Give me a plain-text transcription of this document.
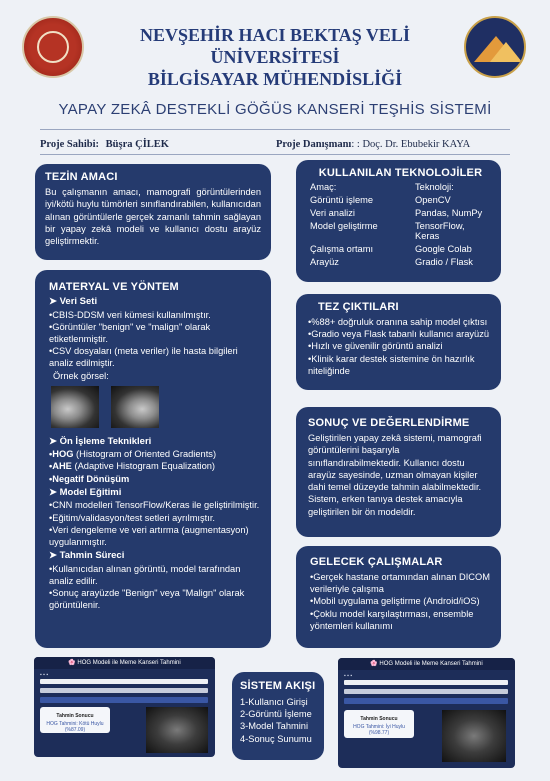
NEVŞEHİR HACI BEKTAŞ VELİ
ÜNİVERSİTESİ
BİLGİSAYAR MÜHENDİSLİĞİ
YAPAY ZEKÂ DESTEKLİ GÖĞÜS KANSERİ TEŞHİS SİSTEMİ
Proje Sahibi: Büşra ÇİLEK	Proje Danışmanı: : Doç. Dr. Ebubekir KAYA
TEZİN AMACI

Bu çalışmanın amacı, mamografi görüntülerinden iyi/kötü huylu tümörleri sınıflandırabilen, kullanıcıdan alınan görüntülerle gerçek zamanlı tahmin sağlayan bir yapay zekâ modeli ve kullanıcı dostu arayüz geliştirmektir.

KULLANILAN TEKNOLOJİLER
Amaç:	Teknoloji:
Görüntü işleme	OpenCV
Veri analizi	Pandas, NumPy
Model geliştirme	TensorFlow, Keras
Çalışma ortamı	Google Colab
Arayüz	Gradio / Flask
MATERYAL VE YÖNTEM
➤ Veri Seti
•CBIS-DDSM veri kümesi kullanılmıştır.
•Görüntüler "benign" ve "malign" olarak etiketlenmiştir.
•CSV dosyaları (meta veriler) ile hasta bilgileri analiz edilmiştir.
Örnek görsel:
➤ Ön İşleme Teknikleri
•HOG (Histogram of Oriented Gradients)
•AHE (Adaptive Histogram Equalization)
•Negatif Dönüşüm
➤ Model Eğitimi
•CNN modelleri TensorFlow/Keras ile geliştirilmiştir.
•Eğitim/validasyon/test setleri ayrılmıştır.
•Veri dengeleme ve veri artırma (augmentasyon) uygulanmıştır.
➤ Tahmin Süreci
•Kullanıcıdan alınan görüntü, model tarafından analiz edilir.
•Sonuç arayüzde "Benign" veya "Malign" olarak görüntülenir.
TEZ ÇIKTILARI
•%88+ doğruluk oranına sahip model çıktısı
•Gradio veya Flask tabanlı kullanıcı arayüzü
•Hızlı ve güvenilir görüntü analizi
•Klinik karar destek sistemine ön hazırlık niteliğinde
SONUÇ VE DEĞERLENDİRME

Geliştirilen yapay zekâ sistemi, mamografi görüntülerini başarıyla sınıflandırabilmektedir. Kullanıcı dostu arayüz sayesinde, uzman olmayan kişiler dahi temel düzeyde tahmin alabilmektedir. Sistem, erken tanıya destek amacıyla geliştirilen bir ön modeldir.

GELECEK ÇALIŞMALAR
•Gerçek hastane ortamından alınan DICOM verileriyle çalışma
•Mobil uygulama geliştirme (Android/iOS)
•Çoklu model karşılaştırması, ensemble yöntemleri kullanımı
🌸 HOG Modeli ile Meme Kanseri Tahmini
▪ ▪ ▪
Tahmin Sonucu
HOG Tahmini: Kötü Huylu (%87.09)
SİSTEM AKIŞI
1-Kullanıcı Girişi
2-Görüntü İşleme
3-Model Tahmini
4-Sonuç Sunumu
🌸 HOG Modeli ile Meme Kanseri Tahmini
▪ ▪ ▪
Tahmin Sonucu
HOG Tahmini: İyi Huylu (%98.77)
